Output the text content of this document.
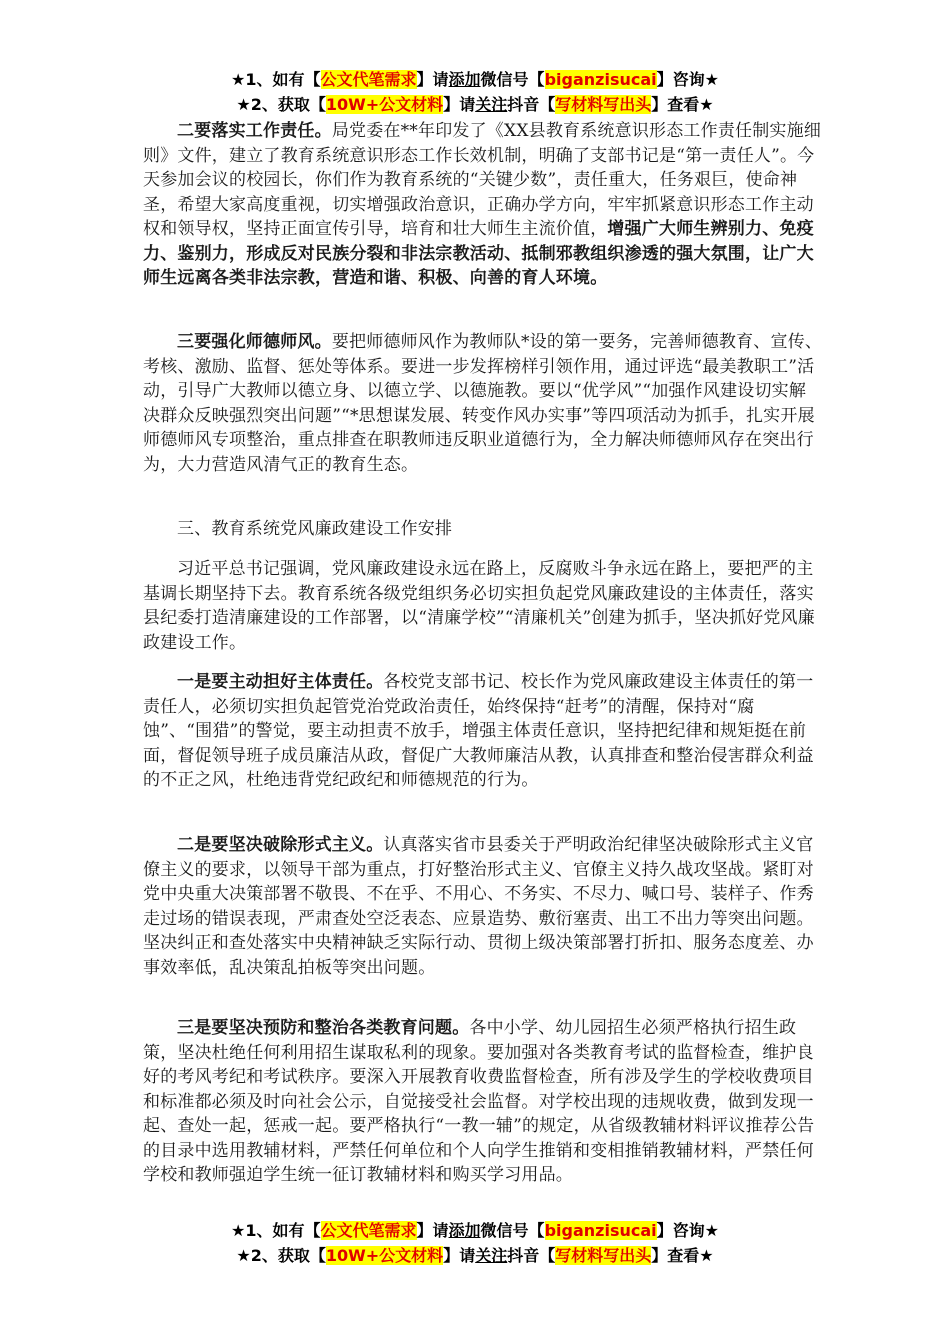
★1、如有【公文代笔需求】请添加微信号【biganzisucai】咨询★
★2、获取【10W+公文材料】请关注抖音【写材料写出头】查看★

二要落实工作责任。局党委在**年印发了《XX县教育系统意识形态工作责任制实施细则》文件，建立了教育系统意识形态工作长效机制，明确了支部书记是“第一责任人”。今天参加会议的校园长，你们作为教育系统的“关键少数”，责任重大，任务艰巨，使命神圣，希望大家高度重视，切实增强政治意识，正确办学方向，牢牢抓紧意识形态工作主动权和领导权，坚持正面宣传引导，培育和壮大师生主流价值，增强广大师生辨别力、免疫力、鉴别力，形成反对民族分裂和非法宗教活动、抵制邪教组织渗透的强大氛围，让广大师生远离各类非法宗教，营造和谐、积极、向善的育人环境。

三要强化师德师风。要把师德师风作为教师队*设的第一要务，完善师德教育、宣传、考核、激励、监督、惩处等体系。要进一步发挥榜样引领作用，通过评选“最美教职工”活动，引导广大教师以德立身、以德立学、以德施教。要以“优学风”“加强作风建设切实解决群众反映强烈突出问题”“*思想谋发展、转变作风办实事”等四项活动为抓手，扎实开展师德师风专项整治，重点排查在职教师违反职业道德行为，全力解决师德师风存在突出行为，大力营造风清气正的教育生态。

三、教育系统党风廉政建设工作安排

习近平总书记强调，党风廉政建设永远在路上，反腐败斗争永远在路上，要把严的主基调长期坚持下去。教育系统各级党组织务必切实担负起党风廉政建设的主体责任，落实县纪委打造清廉建设的工作部署，以“清廉学校”“清廉机关”创建为抓手，坚决抓好党风廉政建设工作。

一是要主动担好主体责任。各校党支部书记、校长作为党风廉政建设主体责任的第一责任人，必须切实担负起管党治党政治责任，始终保持“赶考”的清醒，保持对“腐蚀”、“围猎”的警觉，要主动担责不放手，增强主体责任意识，坚持把纪律和规矩挺在前面，督促领导班子成员廉洁从政，督促广大教师廉洁从教，认真排查和整治侵害群众利益的不正之风，杜绝违背党纪政纪和师德规范的行为。

二是要坚决破除形式主义。认真落实省市县委关于严明政治纪律坚决破除形式主义官僚主义的要求，以领导干部为重点，打好整治形式主义、官僚主义持久战攻坚战。紧盯对党中央重大决策部署不敬畏、不在乎、不用心、不务实、不尽力、喊口号、装样子、作秀走过场的错误表现，严肃查处空泛表态、应景造势、敷衍塞责、出工不出力等突出问题。坚决纠正和查处落实中央精神缺乏实际行动、贯彻上级决策部署打折扣、服务态度差、办事效率低，乱决策乱拍板等突出问题。

三是要坚决预防和整治各类教育问题。各中小学、幼儿园招生必须严格执行招生政策，坚决杜绝任何利用招生谋取私利的现象。要加强对各类教育考试的监督检查，维护良好的考风考纪和考试秩序。要深入开展教育收费监督检查，所有涉及学生的学校收费项目和标准都必须及时向社会公示，自觉接受社会监督。对学校出现的违规收费，做到发现一起、查处一起，惩戒一起。要严格执行“一教一辅”的规定，从省级教辅材料评议推荐公告的目录中选用教辅材料，严禁任何单位和个人向学生推销和变相推销教辅材料，严禁任何学校和教师强迫学生统一征订教辅材料和购买学习用品。

★1、如有【公文代笔需求】请添加微信号【biganzisucai】咨询★
★2、获取【10W+公文材料】请关注抖音【写材料写出头】查看★
